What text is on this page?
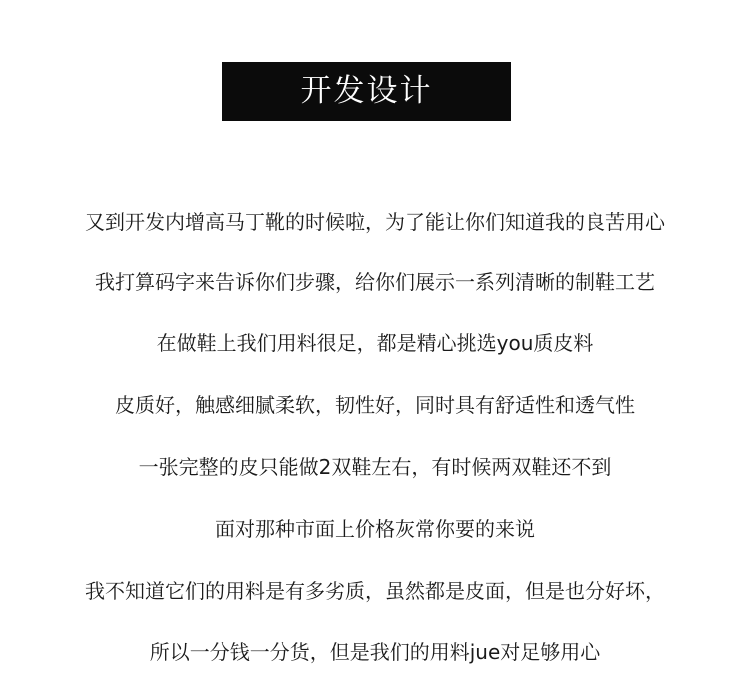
开发设计
又到开发内增高马丁靴的时候啦，为了能让你们知道我的良苦用心
我打算码字来告诉你们步骤，给你们展示一系列清晰的制鞋工艺
在做鞋上我们用料很足，都是精心挑选you质皮料
皮质好，触感细腻柔软，韧性好，同时具有舒适性和透气性
一张完整的皮只能做2双鞋左右，有时候两双鞋还不到
面对那种市面上价格灰常你要的来说
我不知道它们的用料是有多劣质，虽然都是皮面，但是也分好坏，
所以一分钱一分货，但是我们的用料jue对足够用心
